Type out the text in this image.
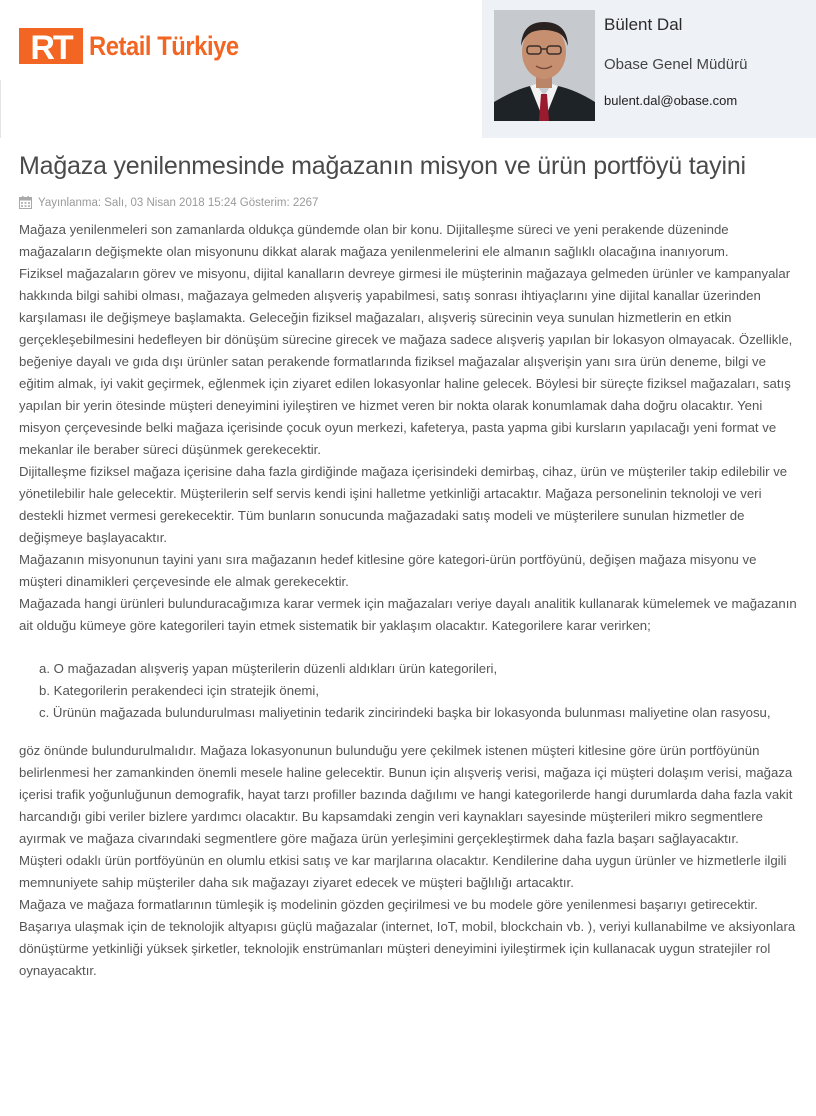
RT Retail Türkiye
Bülent Dal
Obase Genel Müdürü
bulent.dal@obase.com
Mağaza yenilenmesinde mağazanın misyon ve ürün portföyü tayini
Yayınlanma: Salı, 03 Nisan 2018 15:24 Gösterim: 2267

Mağaza yenilenmeleri son zamanlarda oldukça gündemde olan bir konu. Dijitalleşme süreci ve yeni perakende düzeninde mağazaların değişmekte olan misyonunu dikkat alarak mağaza yenilenmelerini ele almanın sağlıklı olacağına inanıyorum.

Fiziksel mağazaların görev ve misyonu, dijital kanalların devreye girmesi ile müşterinin mağazaya gelmeden ürünler ve kampanyalar hakkında bilgi sahibi olması, mağazaya gelmeden alışveriş yapabilmesi, satış sonrası ihtiyaçlarını yine dijital kanallar üzerinden karşılaması ile değişmeye başlamakta. Geleceğin fiziksel mağazaları, alışveriş sürecinin veya sunulan hizmetlerin en etkin gerçekleşebilmesini hedefleyen bir dönüşüm sürecine girecek ve mağaza sadece alışveriş yapılan bir lokasyon olmayacak. Özellikle, beğeniye dayalı ve gıda dışı ürünler satan perakende formatlarında fiziksel mağazalar alışverişin yanı sıra ürün deneme, bilgi ve eğitim almak, iyi vakit geçirmek, eğlenmek için ziyaret edilen lokasyonlar haline gelecek. Böylesi bir süreçte fiziksel mağazaları, satış yapılan bir yerin ötesinde müşteri deneyimini iyileştiren ve hizmet veren bir nokta olarak konumlamak daha doğru olacaktır. Yeni misyon çerçevesinde belki mağaza içerisinde çocuk oyun merkezi, kafeterya, pasta yapma gibi kursların yapılacağı yeni format ve mekanlar ile beraber süreci düşünmek gerekecektir.

Dijitalleşme fiziksel mağaza içerisine daha fazla girdiğinde mağaza içerisindeki demirbaş, cihaz, ürün ve müşteriler takip edilebilir ve yönetilebilir hale gelecektir. Müşterilerin self servis kendi işini halletme yetkinliği artacaktır. Mağaza personelinin teknoloji ve veri destekli hizmet vermesi gerekecektir. Tüm bunların sonucunda mağazadaki satış modeli ve müşterilere sunulan hizmetler de değişmeye başlayacaktır.

Mağazanın misyonunun tayini yanı sıra mağazanın hedef kitlesine göre kategori-ürün portföyünü, değişen mağaza misyonu ve müşteri dinamikleri çerçevesinde ele almak gerekecektir.

Mağazada hangi ürünleri bulunduracağımıza karar vermek için mağazaları veriye dayalı analitik kullanarak kümelemek ve mağazanın ait olduğu kümeye göre kategorileri tayin etmek sistematik bir yaklaşım olacaktır. Kategorilere karar verirken;

a. O mağazadan alışveriş yapan müşterilerin düzenli aldıkları ürün kategorileri,

b. Kategorilerin perakendeci için stratejik önemi,

c. Ürünün mağazada bulundurulması maliyetinin tedarik zincirindeki başka bir lokasyonda bulunması maliyetine olan rasyosu,

göz önünde bulundurulmalıdır. Mağaza lokasyonunun bulunduğu yere çekilmek istenen müşteri kitlesine göre ürün portföyünün belirlenmesi her zamankinden önemli mesele haline gelecektir. Bunun için alışveriş verisi, mağaza içi müşteri dolaşım verisi, mağaza içerisi trafik yoğunluğunun demografik, hayat tarzı profiller bazında dağılımı ve hangi kategorilerde hangi durumlarda daha fazla vakit harcandığı gibi veriler bizlere yardımcı olacaktır. Bu kapsamdaki zengin veri kaynakları sayesinde müşterileri mikro segmentlere ayırmak ve mağaza civarındaki segmentlere göre mağaza ürün yerleşimini gerçekleştirmek daha fazla başarı sağlayacaktır.

Müşteri odaklı ürün portföyünün en olumlu etkisi satış ve kar marjlarına olacaktır. Kendilerine daha uygun ürünler ve hizmetlerle ilgili memnuniyete sahip müşteriler daha sık mağazayı ziyaret edecek ve müşteri bağlılığı artacaktır.

Mağaza ve mağaza formatlarının tümleşik iş modelinin gözden geçirilmesi ve bu modele göre yenilenmesi başarıyı getirecektir. Başarıya ulaşmak için de teknolojik altyapısı güçlü mağazalar (internet, IoT, mobil, blockchain vb. ), veriyi kullanabilme ve aksiyonlara dönüştürme yetkinliği yüksek şirketler, teknolojik enstrümanları müşteri deneyimini iyileştirmek için kullanacak uygun stratejiler rol oynayacaktır.
